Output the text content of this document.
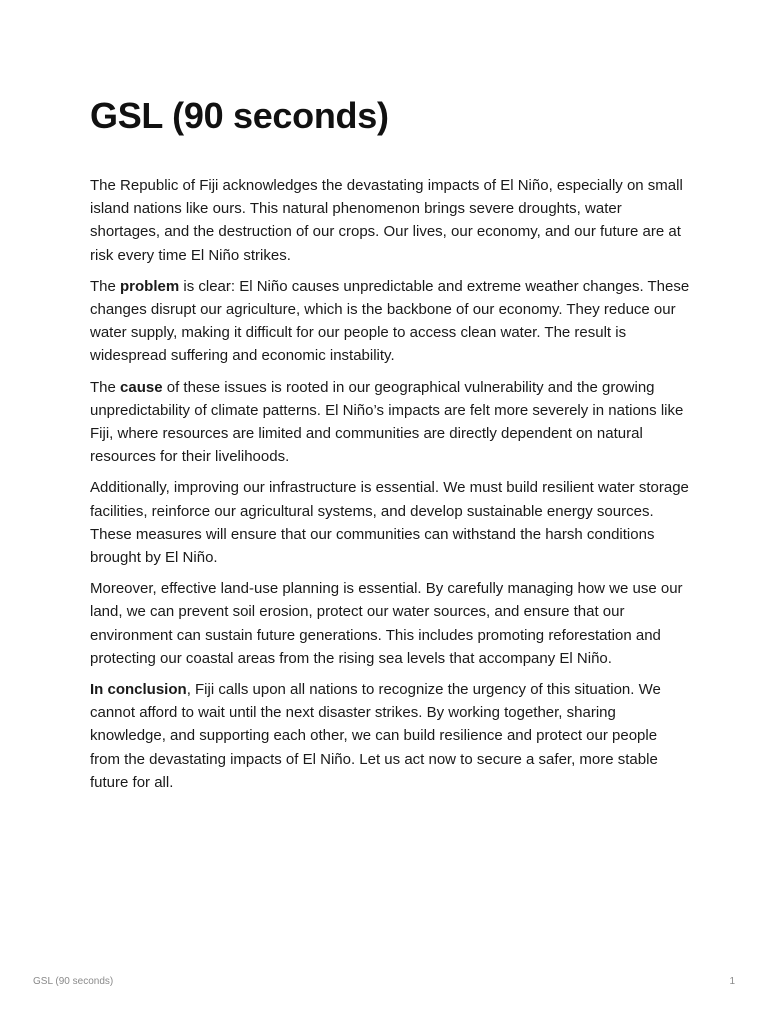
GSL (90 seconds)

The Republic of Fiji acknowledges the devastating impacts of El Niño, especially on small island nations like ours. This natural phenomenon brings severe droughts, water shortages, and the destruction of our crops. Our lives, our economy, and our future are at risk every time El Niño strikes.

The problem is clear: El Niño causes unpredictable and extreme weather changes. These changes disrupt our agriculture, which is the backbone of our economy. They reduce our water supply, making it difficult for our people to access clean water. The result is widespread suffering and economic instability.

The cause of these issues is rooted in our geographical vulnerability and the growing unpredictability of climate patterns. El Niño’s impacts are felt more severely in nations like Fiji, where resources are limited and communities are directly dependent on natural resources for their livelihoods.

Additionally, improving our infrastructure is essential. We must build resilient water storage facilities, reinforce our agricultural systems, and develop sustainable energy sources. These measures will ensure that our communities can withstand the harsh conditions brought by El Niño.

Moreover, effective land-use planning is essential. By carefully managing how we use our land, we can prevent soil erosion, protect our water sources, and ensure that our environment can sustain future generations. This includes promoting reforestation and protecting our coastal areas from the rising sea levels that accompany El Niño.

In conclusion, Fiji calls upon all nations to recognize the urgency of this situation. We cannot afford to wait until the next disaster strikes. By working together, sharing knowledge, and supporting each other, we can build resilience and protect our people from the devastating impacts of El Niño. Let us act now to secure a safer, more stable future for all.

GSL (90 seconds)	1
